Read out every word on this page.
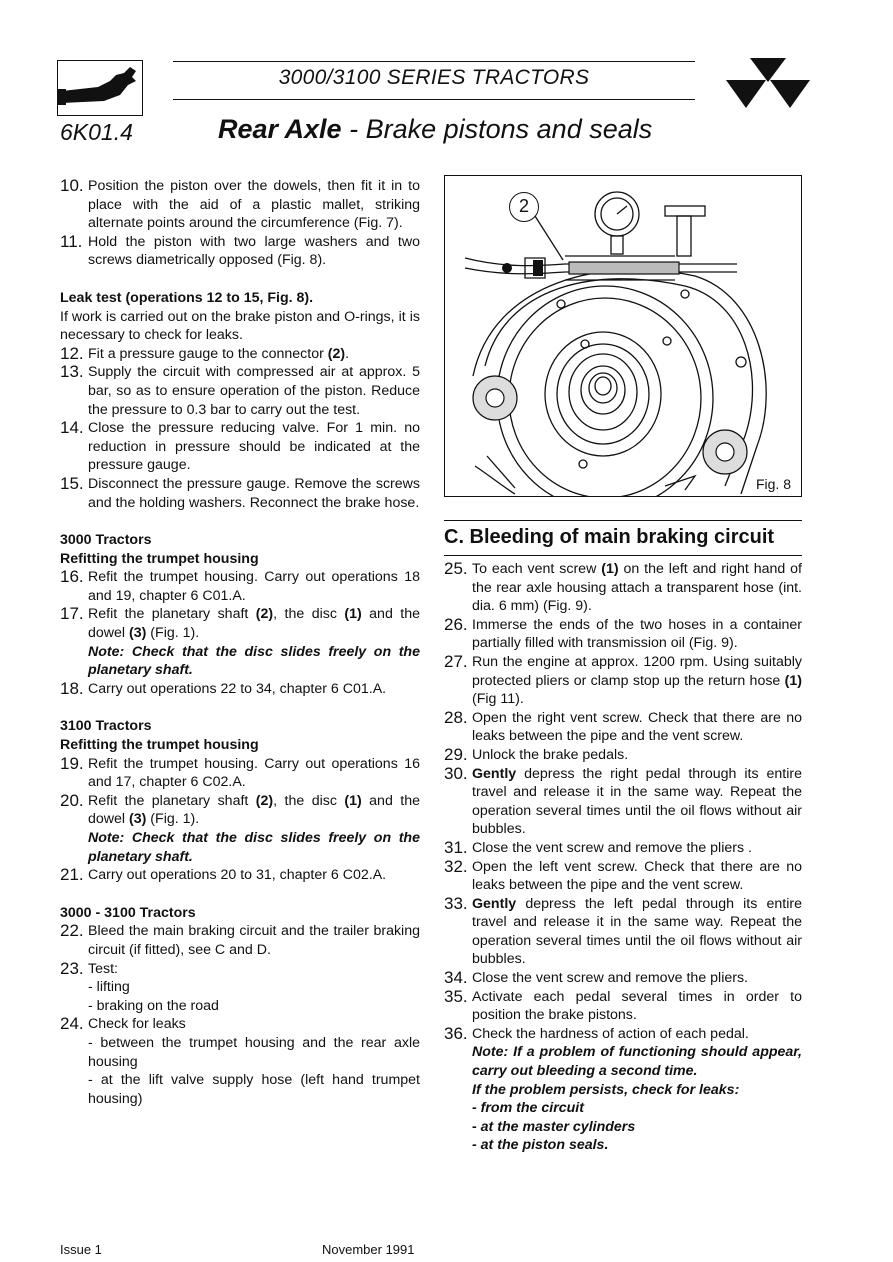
3000/3100 SERIES TRACTORS
6K01.4	Rear Axle - Brake pistons and seals
10. Position the piston over the dowels, then fit it in to place with the aid of a plastic mallet, striking alternate points around the circumference (Fig. 7).
11. Hold the piston with two large washers and two screws diametrically opposed (Fig. 8).

Leak test (operations 12 to 15, Fig. 8).

If work is carried out on the brake piston and O-rings, it is necessary to check for leaks.

12. Fit a pressure gauge to the connector (2).
13. Supply the circuit with compressed air at approx. 5 bar, so as to ensure operation of the piston. Reduce the pressure to 0.3 bar to carry out the test.
14. Close the pressure reducing valve. For 1 min. no reduction in pressure should be indicated at the pressure gauge.
15. Disconnect the pressure gauge. Remove the screws and the holding washers. Reconnect the brake hose.

3000 Tractors

Refitting the trumpet housing

16. Refit the trumpet housing. Carry out operations 18 and 19, chapter 6 C01.A.
17. Refit the planetary shaft (2), the disc (1) and the dowel (3) (Fig. 1).
Note: Check that the disc slides freely on the planetary shaft.
18. Carry out operations 22 to 34, chapter 6 C01.A.

3100 Tractors

Refitting the trumpet housing

19. Refit the trumpet housing. Carry out operations 16 and 17, chapter 6 C02.A.
20. Refit the planetary shaft (2), the disc (1) and the dowel (3) (Fig. 1).
Note: Check that the disc slides freely on the planetary shaft.
21. Carry out operations 20 to 31, chapter 6 C02.A.

3000 - 3100 Tractors

22. Bleed the main braking circuit and the trailer braking circuit (if fitted), see C and D.
23. Test:
- lifting
- braking on the road
24. Check for leaks
- between the trumpet housing and the rear axle housing
- at the lift valve supply hose (left hand trumpet housing)
2
Fig. 8
C. Bleeding of main braking circuit
25. To each vent screw (1) on the left and right hand of the rear axle housing attach a transparent hose (int. dia. 6 mm) (Fig. 9).
26. Immerse the ends of the two hoses in a container partially filled with transmission oil (Fig. 9).
27. Run the engine at approx. 1200 rpm. Using suitably protected pliers or clamp stop up the return hose (1) (Fig 11).
28. Open the right vent screw. Check that there are no leaks between the pipe and the vent screw.
29. Unlock the brake pedals.
30. Gently depress the right pedal through its entire travel and release it in the same way. Repeat the operation several times until the oil flows without air bubbles.
31. Close the vent screw and remove the pliers .
32. Open the left vent screw. Check that there are no leaks between the pipe and the vent screw.
33. Gently depress the left pedal through its entire travel and release it in the same way. Repeat the operation several times until the oil flows without air bubbles.
34. Close the vent screw and remove the pliers.
35. Activate each pedal several times in order to position the brake pistons.
36. Check the hardness of action of each pedal.
Note: If a problem of functioning should appear, carry out bleeding a second time.
If the problem persists, check for leaks:
- from the circuit
- at the master cylinders
- at the piston seals.
Issue 1	November 1991
